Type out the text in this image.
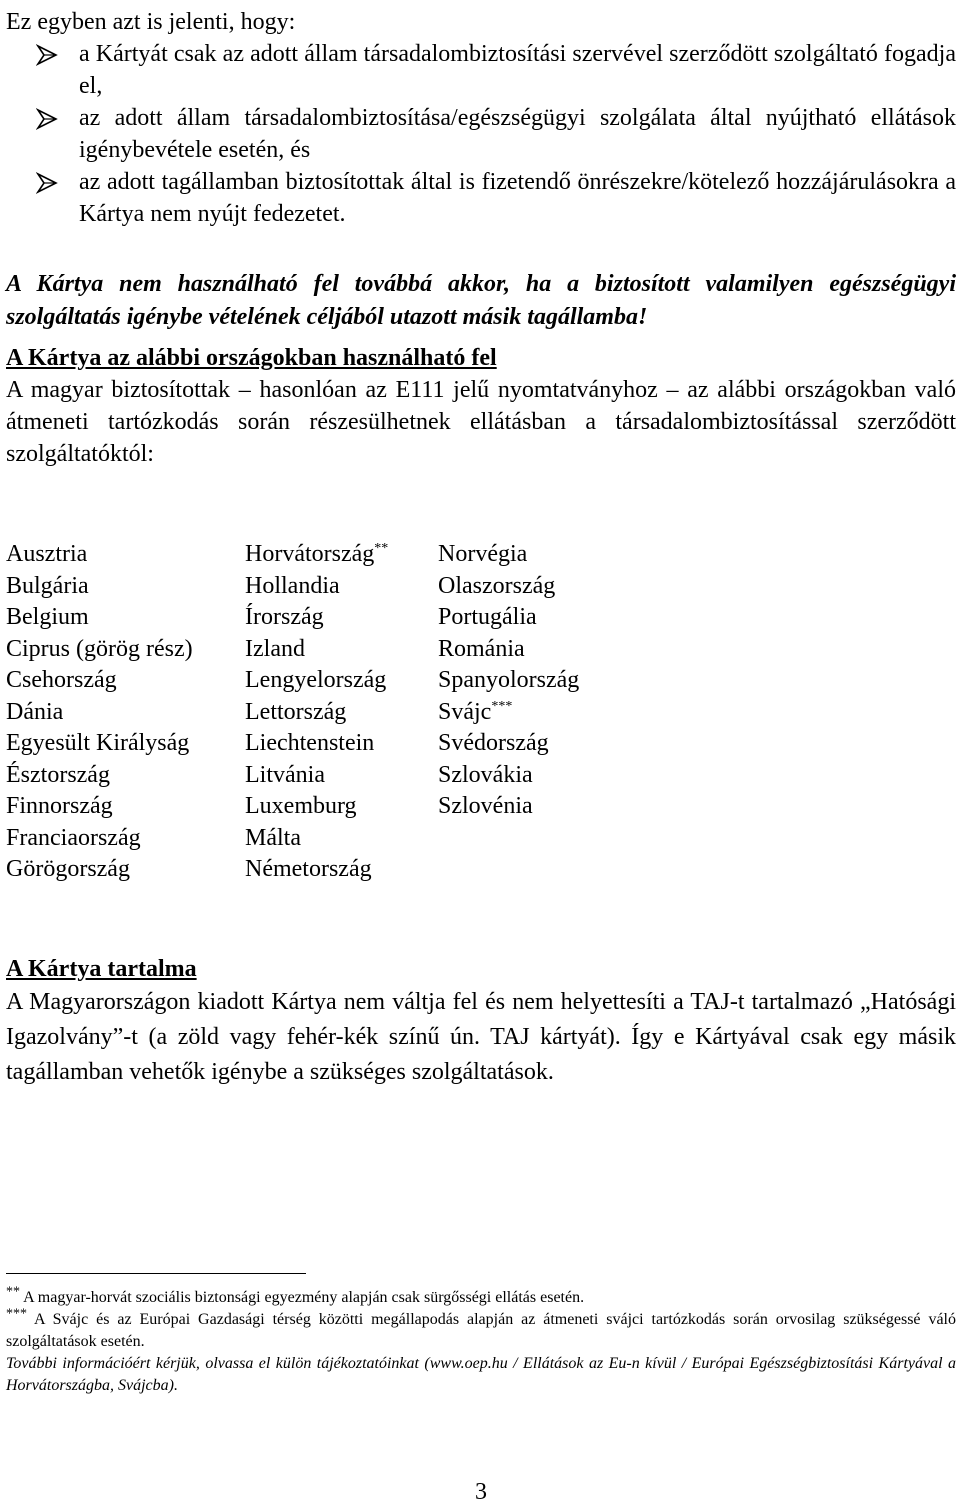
Ez egyben azt is jelenti, hogy:

a Kártyát csak az adott állam társadalombiztosítási szervével szerződött szolgáltató fogadja el,
az adott állam társadalombiztosítása/egészségügyi szolgálata által nyújtható ellátások igénybevétele esetén, és
az adott tagállamban biztosítottak által is fizetendő önrészekre/kötelező hozzájárulásokra a Kártya nem nyújt fedezetet.

A Kártya nem használható fel továbbá akkor, ha a biztosított valamilyen egészségügyi szolgáltatás igénybe vételének céljából utazott másik tagállamba!

A Kártya az alábbi országokban használható fel

A magyar biztosítottak – hasonlóan az E111 jelű nyomtatványhoz – az alábbi országokban való átmeneti tartózkodás során részesülhetnek ellátásban a társadalombiztosítással szerződött szolgáltatóktól:

Ausztria
Bulgária
Belgium
Ciprus (görög rész)
Csehország
Dánia
Egyesült Királyság
Észtország
Finnország
Franciaország
Görögország
Horvátország**
Hollandia
Írország
Izland
Lengyelország
Lettország
Liechtenstein
Litvánia
Luxemburg
Málta
Németország
Norvégia
Olaszország
Portugália
Románia
Spanyolország
Svájc***
Svédország
Szlovákia
Szlovénia

A Kártya tartalma

A Magyarországon kiadott Kártya nem váltja fel és nem helyettesíti a TAJ-t tartalmazó „Hatósági Igazolvány”-t (a zöld vagy fehér-kék színű ún. TAJ kártyát). Így e Kártyával csak egy másik tagállamban vehetők igénybe a szükséges szolgáltatások.

** A magyar-horvát szociális biztonsági egyezmény alapján csak sürgősségi ellátás esetén.

*** A Svájc és az Európai Gazdasági térség közötti megállapodás alapján az átmeneti svájci tartózkodás során orvosilag szükségessé váló szolgáltatások esetén.

További információért kérjük, olvassa el külön tájékoztatóinkat (www.oep.hu / Ellátások az Eu-n kívül / Európai Egészségbiztosítási Kártyával a Horvátországba, Svájcba).

3
